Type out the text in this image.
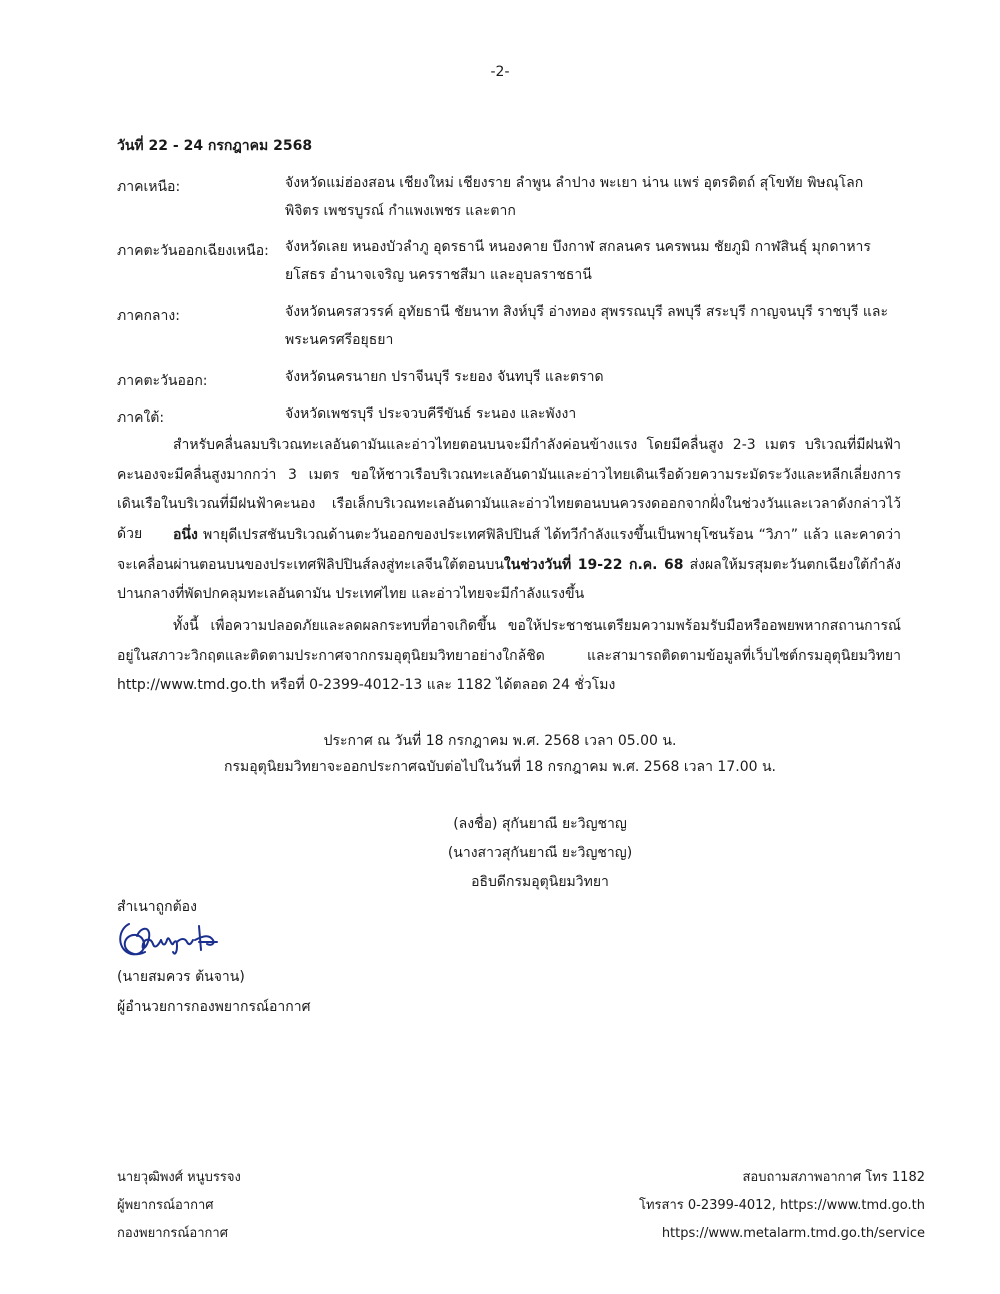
-2-
วันที่ 22 - 24 กรกฎาคม 2568
ภาคเหนือ:	จังหวัดแม่ฮ่องสอน เชียงใหม่ เชียงราย ลำพูน ลำปาง พะเยา น่าน แพร่ อุตรดิตถ์ สุโขทัย พิษณุโลก พิจิตร เพชรบูรณ์ กำแพงเพชร และตาก
ภาคตะวันออกเฉียงเหนือ: จังหวัดเลย หนองบัวลำภู อุดรธานี หนองคาย บึงกาฬ สกลนคร นครพนม ชัยภูมิ กาฬสินธุ์ มุกดาหาร ยโสธร อำนาจเจริญ นครราชสีมา และอุบลราชธานี
ภาคกลาง:	จังหวัดนครสวรรค์ อุทัยธานี ชัยนาท สิงห์บุรี อ่างทอง สุพรรณบุรี ลพบุรี สระบุรี กาญจนบุรี ราชบุรี และพระนครศรีอยุธยา
ภาคตะวันออก:	จังหวัดนครนายก ปราจีนบุรี ระยอง จันทบุรี และตราด
ภาคใต้:	จังหวัดเพชรบุรี ประจวบคีรีขันธ์ ระนอง และพังงา
สำหรับคลื่นลมบริเวณทะเลอันดามันและอ่าวไทยตอนบนจะมีกำลังค่อนข้างแรง โดยมีคลื่นสูง 2-3 เมตร บริเวณที่มีฝนฟ้าคะนองจะมีคลื่นสูงมากกว่า 3 เมตร ขอให้ชาวเรือบริเวณทะเลอันดามันและอ่าวไทยเดินเรือด้วยความระมัดระวังและหลีกเลี่ยงการเดินเรือในบริเวณที่มีฝนฟ้าคะนอง เรือเล็กบริเวณทะเลอันดามันและอ่าวไทยตอนบนควรงดออกจากฝั่งในช่วงวันและเวลาดังกล่าวไว้ด้วย	อนึ่ง พายุดีเปรสชันบริเวณด้านตะวันออกของประเทศฟิลิปปินส์ ได้ทวีกำลังแรงขึ้นเป็นพายุโซนร้อน “วิภา” แล้ว และคาดว่าจะเคลื่อนผ่านตอนบนของประเทศฟิลิปปินส์ลงสู่ทะเลจีนใต้ตอนบนในช่วงวันที่ 19-22 ก.ค. 68 ส่งผลให้มรสุมตะวันตกเฉียงใต้กำลังปานกลางที่พัดปกคลุมทะเลอันดามัน ประเทศไทย และอ่าวไทยจะมีกำลังแรงขึ้น
ทั้งนี้ เพื่อความปลอดภัยและลดผลกระทบที่อาจเกิดขึ้น ขอให้ประชาชนเตรียมความพร้อมรับมือหรืออพยพหากสถานการณ์อยู่ในสภาวะวิกฤตและติดตามประกาศจากกรมอุตุนิยมวิทยาอย่างใกล้ชิด และสามารถติดตามข้อมูลที่เว็บไซต์กรมอุตุนิยมวิทยา http://www.tmd.go.th หรือที่ 0-2399-4012-13 และ 1182 ได้ตลอด 24 ชั่วโมง
ประกาศ ณ วันที่ 18 กรกฎาคม พ.ศ. 2568 เวลา 05.00 น.
กรมอุตุนิยมวิทยาจะออกประกาศฉบับต่อไปในวันที่ 18 กรกฎาคม พ.ศ. 2568 เวลา 17.00 น.
(ลงชื่อ) สุกันยาณี ยะวิญชาญ
(นางสาวสุกันยาณี ยะวิญชาญ)
อธิบดีกรมอุตุนิยมวิทยา
สำเนาถูกต้อง
(นายสมควร ต้นจาน)
ผู้อำนวยการกองพยากรณ์อากาศ
นายวุฒิพงศ์ หนูบรรจง
ผู้พยากรณ์อากาศ
กองพยากรณ์อากาศ
สอบถามสภาพอากาศ โทร 1182
โทรสาร 0-2399-4012, https://www.tmd.go.th
https://www.metalarm.tmd.go.th/service
